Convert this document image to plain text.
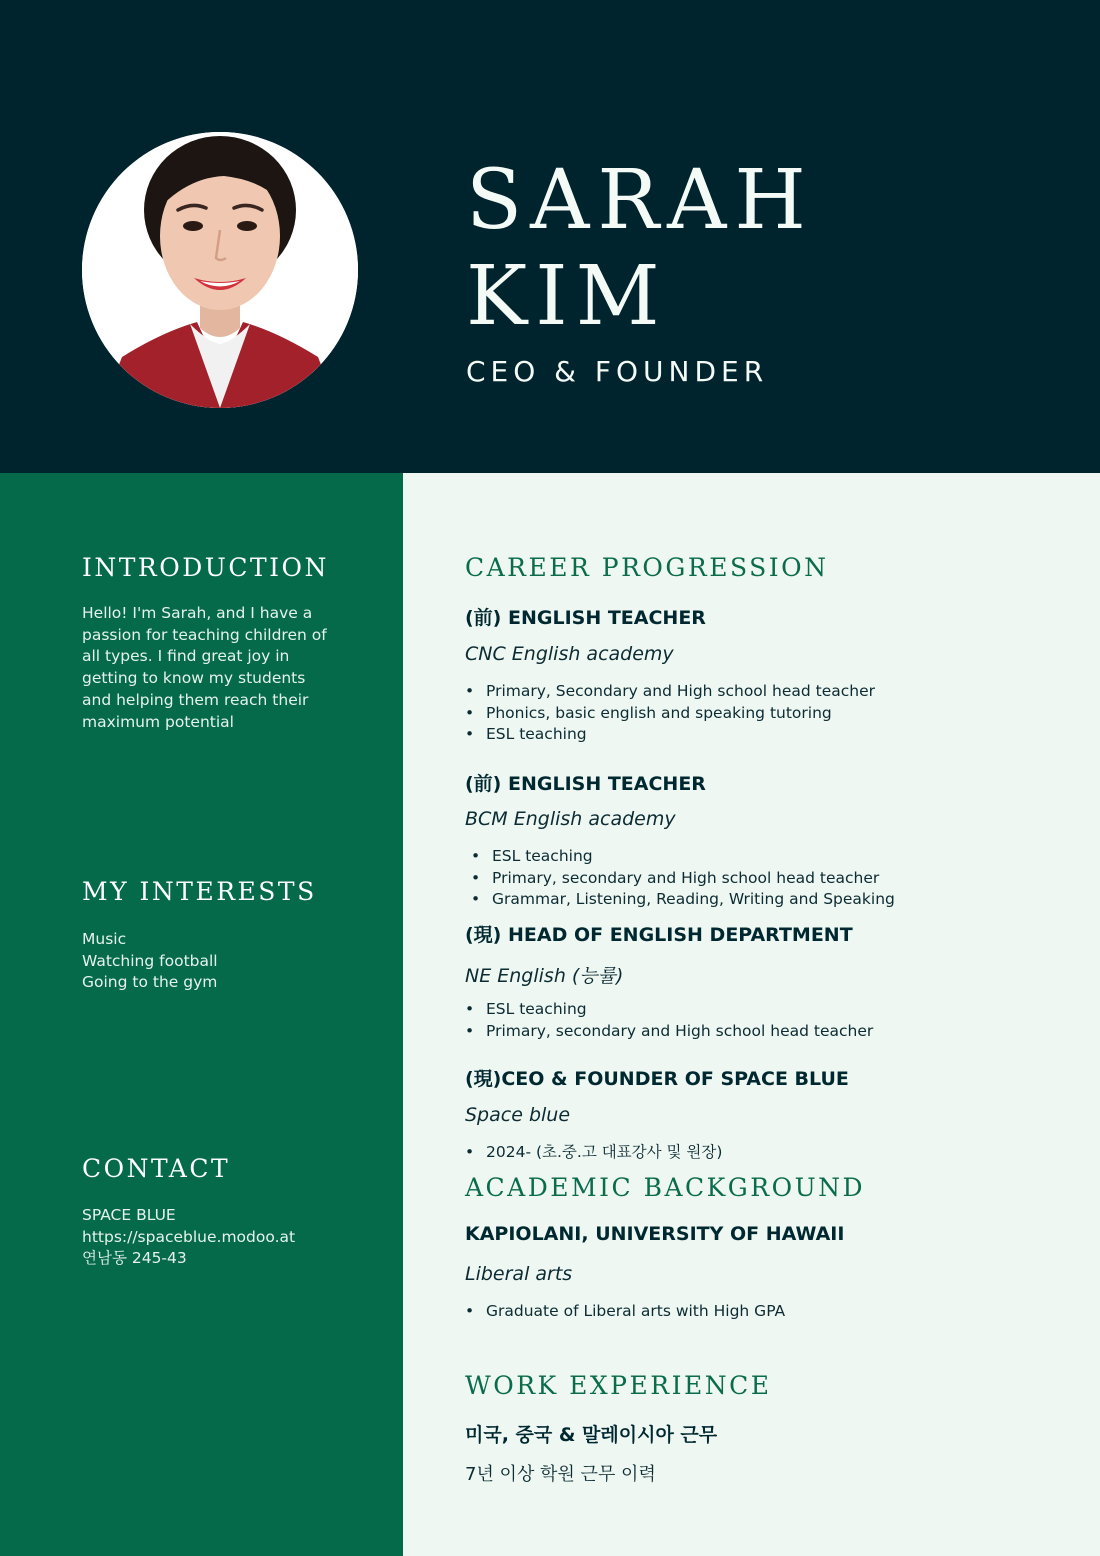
SARAH
KIM
CEO & FOUNDER
INTRODUCTION
Hello! I'm Sarah, and I have a
passion for teaching children of
all types. I find great joy in
getting to know my students
and helping them reach their
maximum potential
MY INTERESTS
Music
Watching football
Going to the gym
CONTACT
SPACE BLUE
https://spaceblue.modoo.at
연남동 245-43
CAREER PROGRESSION
(前) ENGLISH TEACHER
CNC English academy
• Primary, Secondary and High school head teacher
• Phonics, basic english and speaking tutoring
• ESL teaching
(前) ENGLISH TEACHER
BCM English academy
• ESL teaching
• Primary, secondary and High school head teacher
• Grammar, Listening, Reading, Writing and Speaking
(現) HEAD OF ENGLISH DEPARTMENT
NE English (능률)
• ESL teaching
• Primary, secondary and High school head teacher
(現)CEO & FOUNDER OF SPACE BLUE
Space blue
• 2024- (초.중.고 대표강사 및 원장)
ACADEMIC BACKGROUND
KAPIOLANI, UNIVERSITY OF HAWAII
Liberal arts
• Graduate of Liberal arts with High GPA
WORK EXPERIENCE
미국, 중국 & 말레이시아 근무
7년 이상 학원 근무 이력
